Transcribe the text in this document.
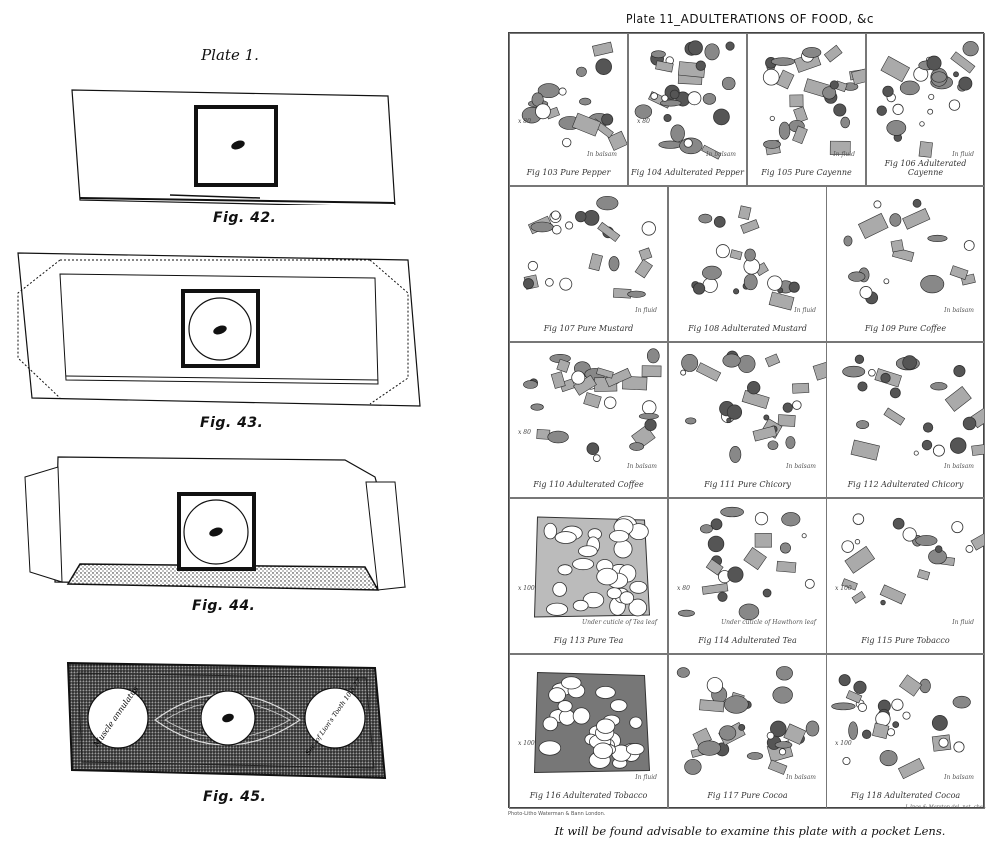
Plate 1.
Fig. 42.
Fig. 43.
Fig. 44.
Muscle annulatus	Sec. of Lion's Tooth 10.5.77
Fig. 45.
Plate 11_ADULTERATIONS OF FOOD, &c
Fig 103 Pure Pepper
x 80
In balsam
Fig 104 Adulterated Pepper
x 80
In balsam
Fig 105 Pure Cayenne
In fluid
Fig 106 Adulterated Cayenne
In fluid
Fig 107 Pure Mustard
In fluid
Fig 108 Adulterated Mustard
In fluid
Fig 109 Pure Coffee
In balsam
Fig 110 Adulterated Coffee
x 80
In balsam
Fig 111 Pure Chicory
In balsam
Fig 112 Adulterated Chicory
In balsam
Fig 113 Pure Tea
x 100
Under cuticle of Tea leaf
Fig 114 Adulterated Tea
x 80
Under cuticle of Hawthorn leaf
Fig 115 Pure Tobacco
x 100
In fluid
Fig 116 Adulterated Tobacco
x 100
In fluid
Fig 117 Pure Cocoa
In balsam
Fig 118 Adulterated Cocoa
x 100
In balsam
Photo-Litho Waterman & Bann London.
J. Ince & Marston del. nat. chel.
It will be found advisable to examine this plate with a pocket Lens.
